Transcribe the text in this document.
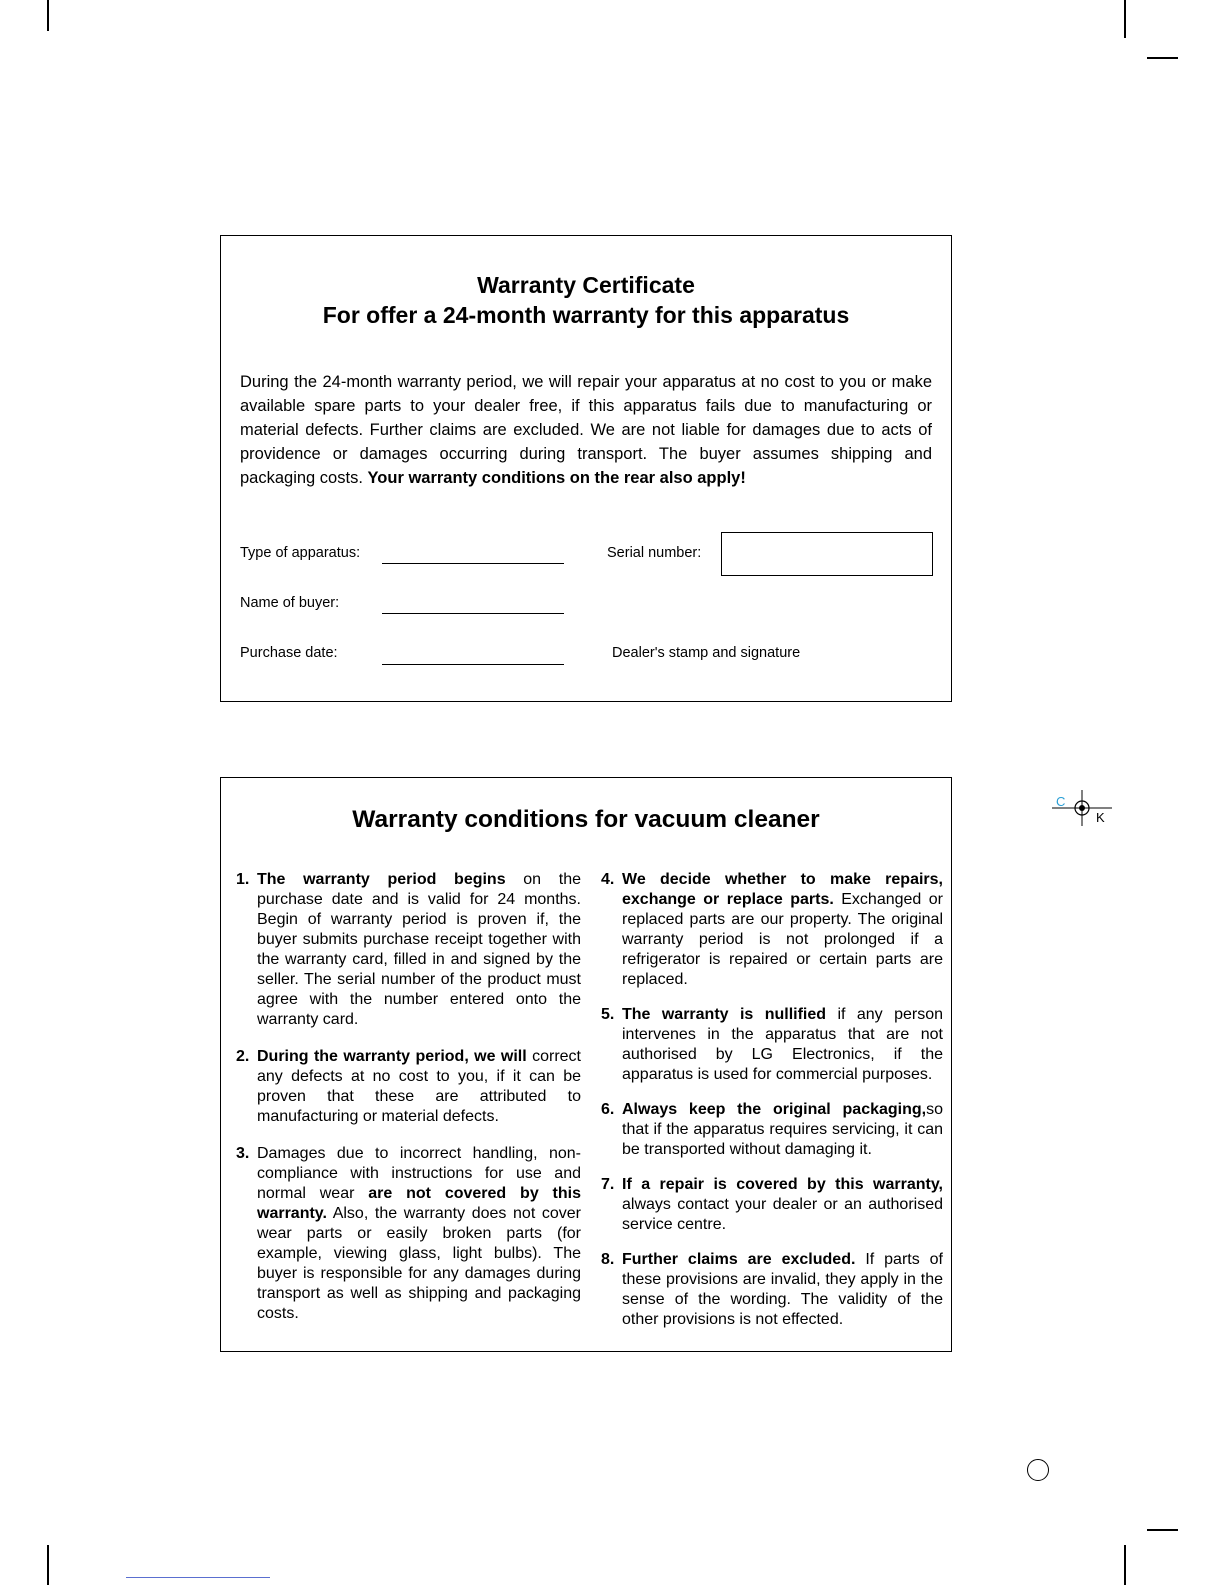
Warranty Certificate
For offer a 24-month warranty for this apparatus
During the 24-month warranty period, we will repair your apparatus at no cost to you or make available spare parts to your dealer free, if this apparatus fails due to manufacturing or material defects. Further claims are excluded. We are not liable for damages due to acts of providence or damages occurring during transport. The buyer assumes shipping and packaging costs. Your warranty conditions on the rear also apply!
Type of apparatus:	Serial number:
Name of buyer:
Purchase date:	Dealer's stamp and signature
Warranty conditions for vacuum cleaner
1. The warranty period begins on the purchase date and is valid for 24 months. Begin of warranty period is proven if, the buyer submits purchase receipt together with the warranty card, filled in and signed by the seller. The serial number of the product must agree with the number entered onto the warranty card.
2. During the warranty period, we will correct any defects at no cost to you, if it can be proven that these are attributed to manufacturing or material defects.
3. Damages due to incorrect handling, non-compliance with instructions for use and normal wear are not covered by this warranty. Also, the warranty does not cover wear parts or easily broken parts (for example, viewing glass, light bulbs). The buyer is responsible for any damages during transport as well as shipping and packaging costs.
4. We decide whether to make repairs, exchange or replace parts. Exchanged or replaced parts are our property. The original warranty period is not prolonged if a refrigerator is repaired or certain parts are replaced.
5. The warranty is nullified if any person intervenes in the apparatus that are not authorised by LG Electronics, if the apparatus is used for commercial purposes.
6. Always keep the original packaging,so that if the apparatus requires servicing, it can be transported without damaging it.
7. If a repair is covered by this warranty, always contact your dealer or an authorised service centre.
8. Further claims are excluded. If parts of these provisions are invalid, they apply in the sense of the wording. The validity of the other provisions is not effected.
C
K
